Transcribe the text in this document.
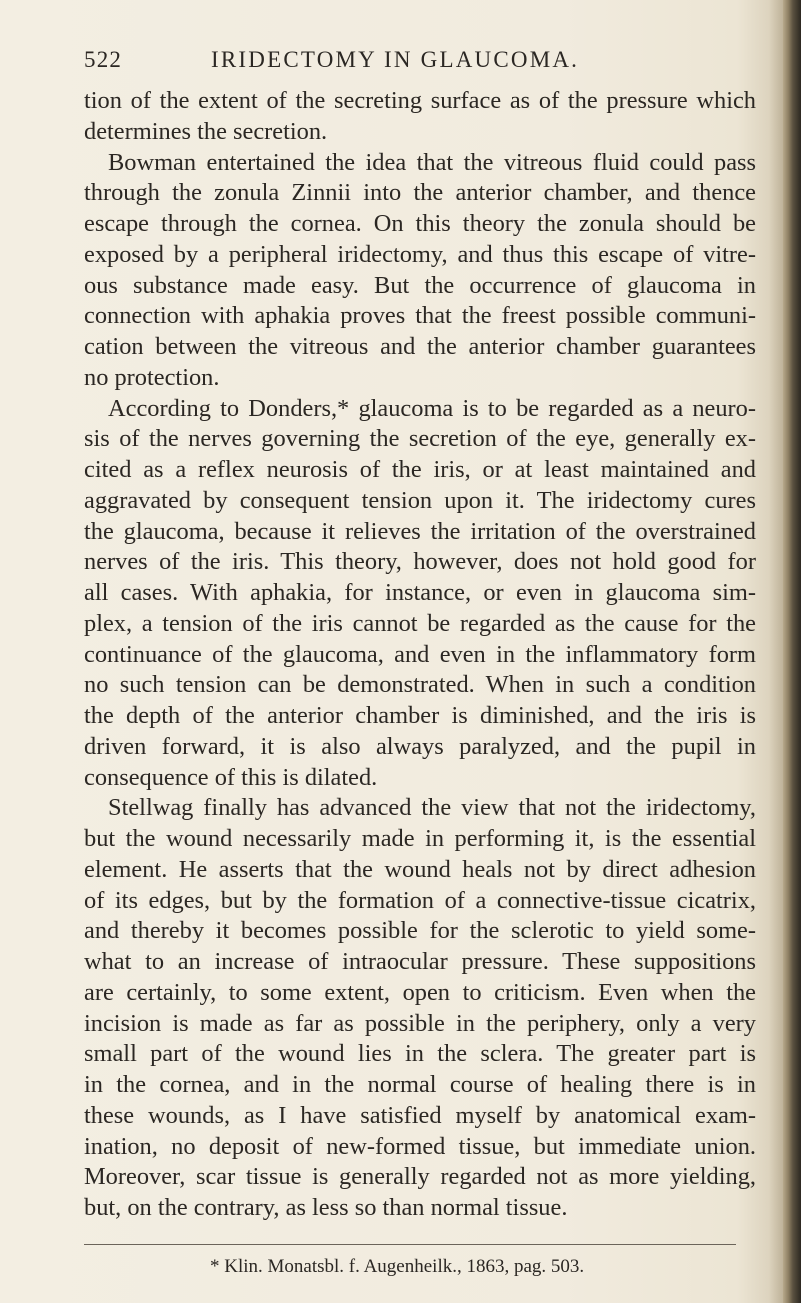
522	IRIDECTOMY IN GLAUCOMA.
tion of the extent of the secreting surface as of the pressure which
determines the secretion.
Bowman entertained the idea that the vitreous fluid could pass
through the zonula Zinnii into the anterior chamber, and thence
escape through the cornea. On this theory the zonula should be
exposed by a peripheral iridectomy, and thus this escape of vitre-
ous substance made easy. But the occurrence of glaucoma in
connection with aphakia proves that the freest possible communi-
cation between the vitreous and the anterior chamber guarantees
no protection.
According to Donders,* glaucoma is to be regarded as a neuro-
sis of the nerves governing the secretion of the eye, generally ex-
cited as a reflex neurosis of the iris, or at least maintained and
aggravated by consequent tension upon it. The iridectomy cures
the glaucoma, because it relieves the irritation of the overstrained
nerves of the iris. This theory, however, does not hold good for
all cases. With aphakia, for instance, or even in glaucoma sim-
plex, a tension of the iris cannot be regarded as the cause for the
continuance of the glaucoma, and even in the inflammatory form
no such tension can be demonstrated. When in such a condition
the depth of the anterior chamber is diminished, and the iris is
driven forward, it is also always paralyzed, and the pupil in
consequence of this is dilated.
Stellwag finally has advanced the view that not the iridectomy,
but the wound necessarily made in performing it, is the essential
element. He asserts that the wound heals not by direct adhesion
of its edges, but by the formation of a connective-tissue cicatrix,
and thereby it becomes possible for the sclerotic to yield some-
what to an increase of intraocular pressure. These suppositions
are certainly, to some extent, open to criticism. Even when the
incision is made as far as possible in the periphery, only a very
small part of the wound lies in the sclera. The greater part is
in the cornea, and in the normal course of healing there is in
these wounds, as I have satisfied myself by anatomical exam-
ination, no deposit of new-formed tissue, but immediate union.
Moreover, scar tissue is generally regarded not as more yielding,
but, on the contrary, as less so than normal tissue.
* Klin. Monatsbl. f. Augenheilk., 1863, pag. 503.
